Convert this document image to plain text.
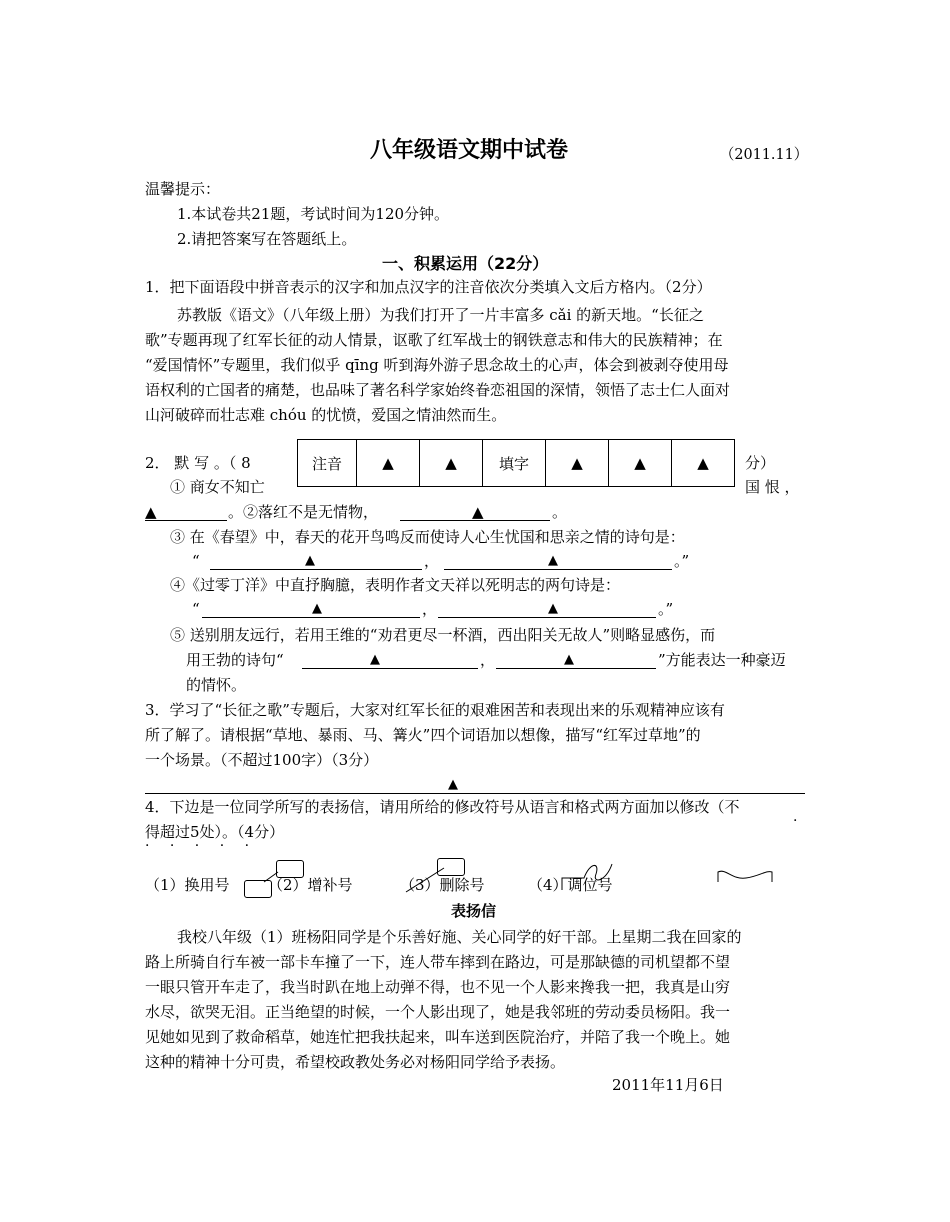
八年级语文期中试卷	（2011.11）
温馨提示：
1.本试卷共21题，考试时间为120分钟。
2.请把答案写在答题纸上。
一、积累运用（22分）
1．把下面语段中拼音表示的汉字和加点汉字的注音依次分类填入文后方格内。（2分）
苏教版《语文》（八年级上册）为我们打开了一片丰富多 cǎi 的新天地。“长征之
歌”专题再现了红军长征的动人情景，讴歌了红军战士的钢铁意志和伟大的民族精神；在
“爱国情怀”专题里，我们似乎 qīng 听到海外游子思念故土的心声，体会到被剥夺使用母
语权利的亡国者的痛楚，也品味了著名科学家始终眷恋祖国的深情，领悟了志士仁人面对
山河破碎而壮志难 chóu 的忧愤，爱国之情油然而生。
注音	▲	▲	填字	▲	▲	▲
2． 默 写 。（ 8	分）
① 商女不知亡	国 恨 ，
▲	。②落红不是无情物，	▲	。
③ 在《春望》中，春天的花开鸟鸣反而使诗人心生忧国和思亲之情的诗句是：
“	▲	，	▲	。”
④《过零丁洋》中直抒胸臆，表明作者文天祥以死明志的两句诗是：
“	▲	，	▲	。”
⑤ 送别朋友远行，若用王维的“劝君更尽一杯酒，西出阳关无故人”则略显感伤，而
用王勃的诗句“	▲	，	▲	”方能表达一种豪迈
的情怀。
3．学习了“长征之歌”专题后，大家对红军长征的艰难困苦和表现出来的乐观精神应该有
所了解了。请根据“草地、暴雨、马、篝火”四个词语加以想像，描写“红军过草地”的
一个场景。（不超过100字）（3分）
▲
4．下边是一位同学所写的表扬信，请用所给的修改符号从语言和格式两方面加以修改（不
得超过5处）。（4分）
· · · · ·
·
（1）换用号	（2）增补号	（3）删除号	（4）调位号
表扬信
我校八年级（1）班杨阳同学是个乐善好施、关心同学的好干部。上星期二我在回家的
路上所骑自行车被一部卡车撞了一下，连人带车摔到在路边，可是那缺德的司机望都不望
一眼只管开车走了，我当时趴在地上动弹不得，也不见一个人影来搀我一把，我真是山穷
水尽，欲哭无泪。正当绝望的时候，一个人影出现了，她是我邻班的劳动委员杨阳。我一
见她如见到了救命稻草，她连忙把我扶起来，叫车送到医院治疗，并陪了我一个晚上。她
这种的精神十分可贵，希望校政教处务必对杨阳同学给予表扬。
2011年11月6日
